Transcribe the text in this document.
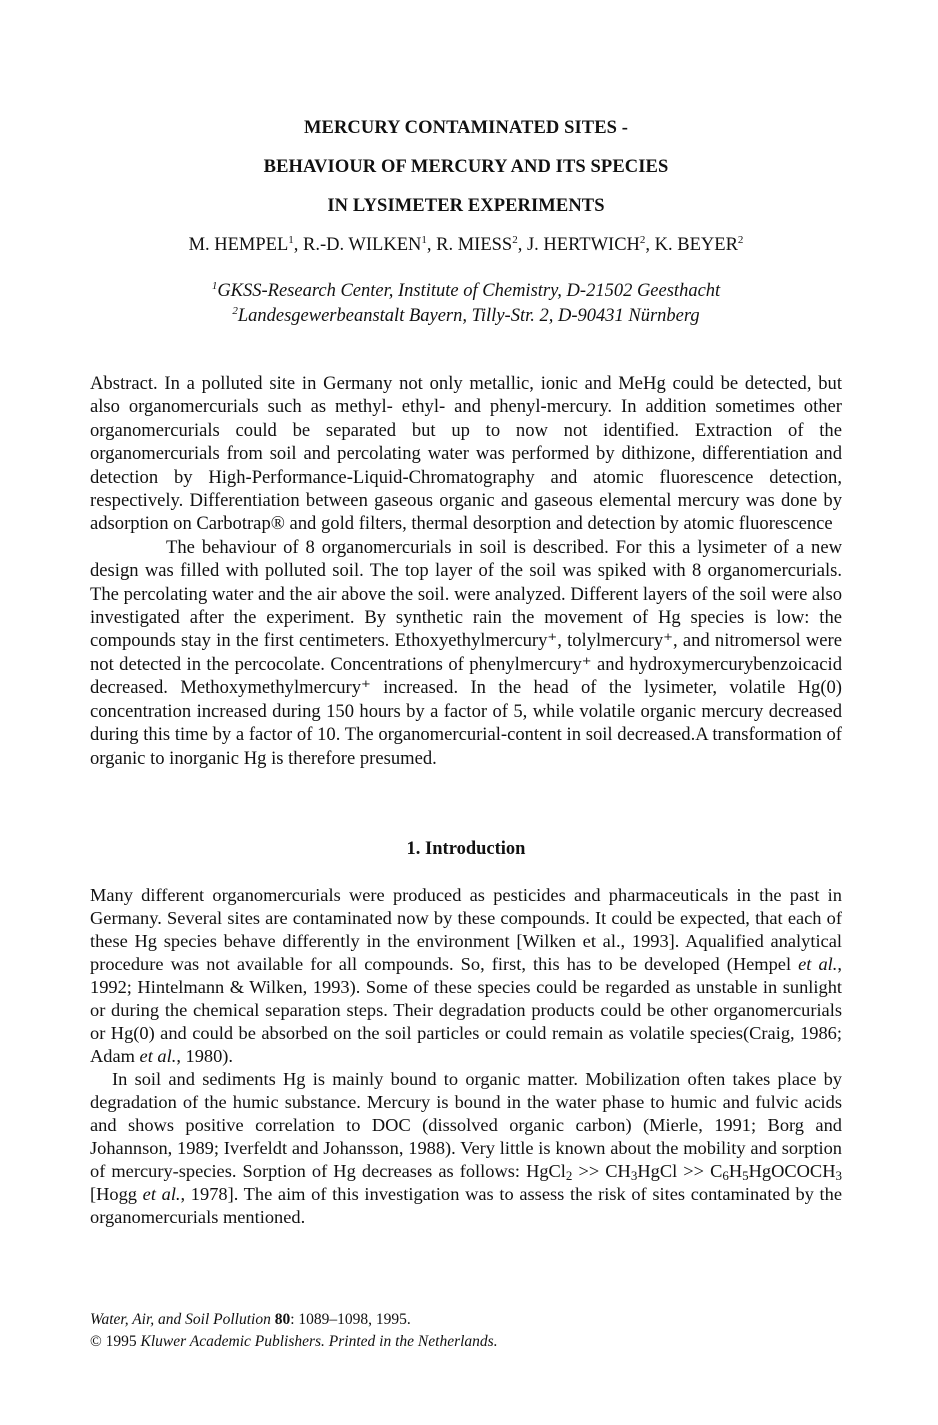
MERCURY CONTAMINATED SITES -
BEHAVIOUR OF MERCURY AND ITS SPECIES
IN LYSIMETER EXPERIMENTS
M. HEMPEL$^1$, R.-D. WILKEN$^1$, R. MIESS$^2$, J. HERTWICH$^2$, K. BEYER$^2$
$^1$GKSS-Research Center, Institute of Chemistry, D-21502 Geesthacht
$^2$Landesgewerbeanstalt Bayern, Tilly-Str. 2, D-90431 Nürnberg

Abstract. In a polluted site in Germany not only metallic, ionic and MeHg could be detected, but also organomercurials such as methyl- ethyl- and phenyl-mercury. In addition sometimes other organomercurials could be separated but up to now not identified. Extraction of the organomercurials from soil and percolating water was performed by dithizone, differentiation and detection by High-Performance-Liquid-Chromatography and atomic fluorescence detection, respectively. Differentiation between gaseous organic and gaseous elemental mercury was done by adsorption on Carbotrap® and gold filters, thermal desorption and detection by atomic fluorescence

The behaviour of 8 organomercurials in soil is described. For this a lysimeter of a new design was filled with polluted soil. The top layer of the soil was spiked with 8 organomercurials. The percolating water and the air above the soil. were analyzed. Different layers of the soil were also investigated after the experiment. By synthetic rain the movement of Hg species is low: the compounds stay in the first centimeters. Ethoxyethylmercury⁺, tolylmercury⁺, and nitromersol were not detected in the percocolate. Concentrations of phenylmercury⁺ and hydroxymercurybenzoicacid decreased. Methoxymethylmercury⁺ increased. In the head of the lysimeter, volatile Hg(0) concentration increased during 150 hours by a factor of 5, while volatile organic mercury decreased during this time by a factor of 10. The organomercurial-content in soil decreased.A transformation of organic to inorganic Hg is therefore presumed.

1. Introduction

Many different organomercurials were produced as pesticides and pharmaceuticals in the past in Germany. Several sites are contaminated now by these compounds. It could be expected, that each of these Hg species behave differently in the environment [Wilken et al., 1993]. Aqualified analytical procedure was not available for all compounds. So, first, this has to be developed (Hempel et al., 1992; Hintelmann & Wilken, 1993). Some of these species could be regarded as unstable in sunlight or during the chemical separation steps. Their degradation products could be other organomercurials or Hg(0) and could be absorbed on the soil particles or could remain as volatile species(Craig, 1986; Adam et al., 1980).

In soil and sediments Hg is mainly bound to organic matter. Mobilization often takes place by degradation of the humic substance. Mercury is bound in the water phase to humic and fulvic acids and shows positive correlation to DOC (dissolved organic carbon) (Mierle, 1991; Borg and Johannson, 1989; Iverfeldt and Johansson, 1988). Very little is known about the mobility and sorption of mercury-species. Sorption of Hg decreases as follows: HgCl$_2$ >> $CH_3HgCl$ >> $C_6H_5HgOCOCH_3$ [Hogg et al., 1978]. The aim of this investigation was to assess the risk of sites contaminated by the organomercurials mentioned.

Water, Air, and Soil Pollution 80: 1089–1098, 1995.
© 1995 Kluwer Academic Publishers. Printed in the Netherlands.
